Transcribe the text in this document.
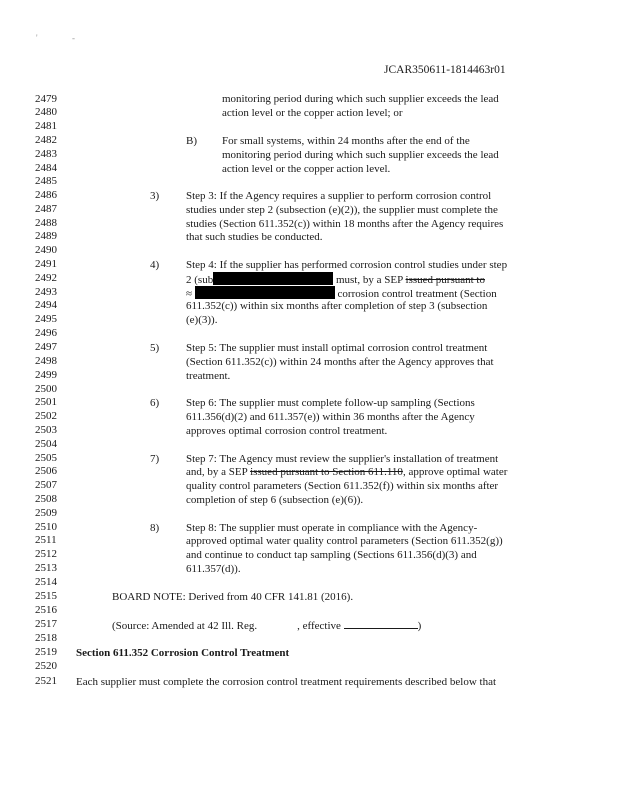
'	-
JCAR350611-1814463r01
2479
2480
2481
2482
2483
2484
2485
2486
2487
2488
2489
2490
2491
2492
2493
2494
2495
2496
2497
2498
2499
2500
2501
2502
2503
2504
2505
2506
2507
2508
2509
2510
2511
2512
2513
2514
2515
2516
2517
2518
2519
2520
2521
monitoring period during which such supplier exceeds the lead
action level or the copper action level; or
B) For small systems, within 24 months after the end of the
monitoring period during which such supplier exceeds the lead
action level or the copper action level.
3) Step 3: If the Agency requires a supplier to perform corrosion control
studies under step 2 (subsection (e)(2)), the supplier must complete the
studies (Section 611.352(c)) within 18 months after the Agency requires
that such studies be conducted.
4) Step 4: If the supplier has performed corrosion control studies under step
2 (sub	must, by a SEP issued pursuant to
≈	corrosion control treatment (Section
611.352(c)) within six months after completion of step 3 (subsection
(e)(3)).
5) Step 5: The supplier must install optimal corrosion control treatment
(Section 611.352(c)) within 24 months after the Agency approves that
treatment.
6) Step 6: The supplier must complete follow-up sampling (Sections
611.356(d)(2) and 611.357(e)) within 36 months after the Agency
approves optimal corrosion control treatment.
7) Step 7: The Agency must review the supplier's installation of treatment
and, by a SEP issued pursuant to Section 611.110, approve optimal water
quality control parameters (Section 611.352(f)) within six months after
completion of step 6 (subsection (e)(6)).
8) Step 8: The supplier must operate in compliance with the Agency-
approved optimal water quality control parameters (Section 611.352(g))
and continue to conduct tap sampling (Sections 611.356(d)(3) and
611.357(d)).
BOARD NOTE: Derived from 40 CFR 141.81 (2016).
(Source: Amended at 42 Ill. Reg.	, effective	)
Section 611.352 Corrosion Control Treatment
Each supplier must complete the corrosion control treatment requirements described below that
